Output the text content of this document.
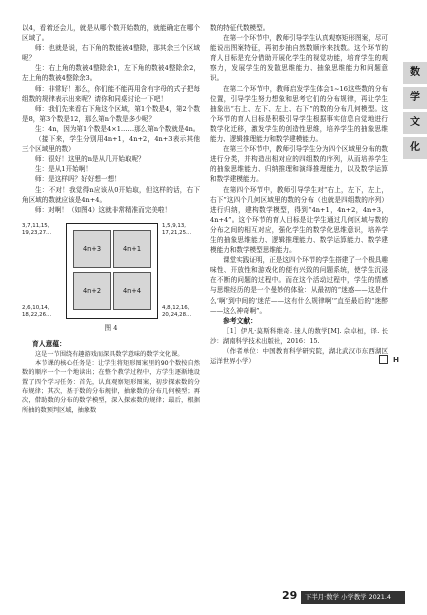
数
学
文
化

以4，看着还会儿，就是从哪个数开始数的，就能确定在哪个区域了。

师：也就是说，右下角的数能被4整除，那其余三个区域呢？

生：右上角的数被4整除余1，左下角的数被4整除余2，左上角的数被4整除余3。

师：非常好！那么，你们能不能再用含有字母的式子把每组数的规律表示出来呢？请你和同桌讨论一下吧！

师：我们先来看右下角这个区域，第1个数是4，第2个数是8，第3个数是12，那么第n个数是多少呢？

生：4n，因为第1个数是4×1……那么第n个数就是4n。

（接下来，学生分别用4n+1，4n+2，4n+3表示其他三个区域里的数）

师：很好！这里的n是从几开始取呢？

生：是从1开始啊！

师：是这样吗？好好想一想！

生：不对！我觉得n应该从0开始取，但这样的话，右下角区域的数就应该是4n+4。

师：对啊！（如图4）这就非常精准而完美啦！

3,7,11,15,
19,23,27…
1,5,9,13,
17,21,25…
2,6,10,14,
18,22,26…
4,8,12,16,
20,24,28…
4n+3	4n+1
4n+2	4n+4
图 4
育人意蕴：

这是一节围绕有趣游戏而深具数学意味的数学文化课。

本节课的核心任务是：让学生将矩形图案里的90个数按自然数的顺序一个一个地读出；在整个教学过程中，方学生逐渐地设置了四个学习任务：首先，认真观察矩形图案，初步探索数的分布规律；其次，基于数的分布规律，抽象数的分布几何模型；再次，借助数的分布的数学模型，深入探索数的规律；最后，根据所抽的数预判区域，抽象数

数的特征代数模型。

在第一个环节中，教师引导学生认真观察矩形图案，尽可能说出图案特征，再初步抽自然数顺序来找数。这个环节的育人目标是充分借助开展化学生的视觉功能，培育学生的观察力，发展学生的发散思维能力、抽象思维能力和问题意识。

在第二个环节中，教师启发学生体会1~16这些数的分布位置，引导学生努力想象和思考它们的分布规律，再让学生抽象出“右上、左下、左上、右下”的数的分布几何模型。这个环节的育人目标是积极引导学生根据事实信息自觉地进行数学化迁移，激发学生的创造性思维，培养学生的抽象思维能力、逻辑推理能力和数学建模能力。

在第三个环节中，教师引导学生分为四个区域里分布的数进行分类，并构造出相对应的四组数的序列，从而培养学生的抽象思维能力、归纳推理和演绎推理能力，以及数学运算和数学建模能力。

在第四个环节中，教师引导学生对“右上，左下，左上，右下”这四个几何区域里的数的分布（也就是四组数的序列）进行归纳，建构数学模型，得到“4n+1，4n+2，4n+3，4n+4”。这个环节的育人目标是让学生通过几何区域与数的分布之间的相互对应，强化学生的数学化思维意识，培养学生的抽象思维能力、逻辑推理能力、数学运算能力、数学建模能力和数学模型思维能力。

课堂实践证明，正是这四个环节的学生搭建了一个极具趣味性、开放性和游戏化的便有兴致的问题系统，使学生沉浸在不断的问题的过程中。而在这个活动过程中，学生的情感与思维经历的是一个曼妙的体验：从最初的“迷惑——这是什么‘啊’到中间的‘迷茫——这有什么规律啊’”直至最后的“迷醉——这么神奇啊”。

参考文献：

［1］伊凡·莫斯科维奇. 迷人的数学[M]. 佘卓桓，译. 长沙：湖南科学技术出版社，2016：15.

（作者单位：中国教育科学研究院，湖北武汉市东西湖区运洋世界小学）	H

29	下半月·数学 小学教学 2021.4
